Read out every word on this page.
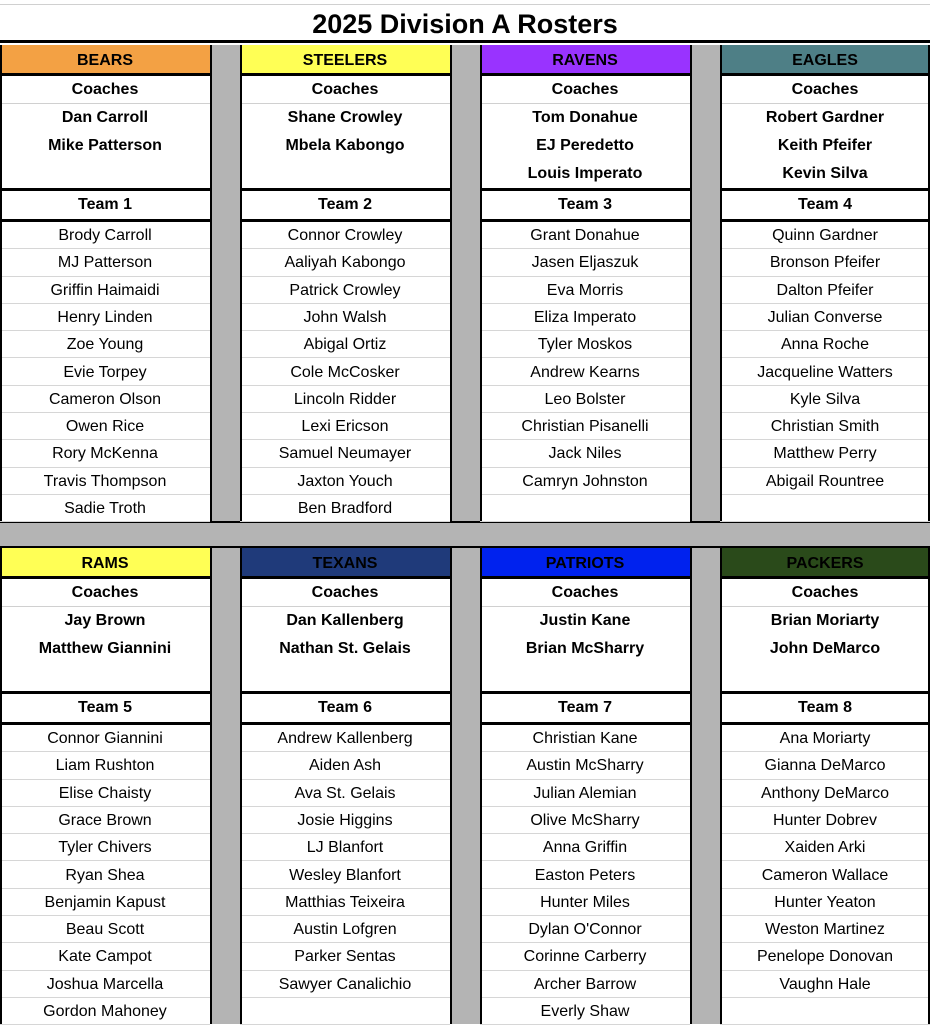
2025 Division A Rosters
BEARS
Coaches
Dan Carroll
Mike Patterson
Team 1
Brody Carroll
MJ Patterson
Griffin Haimaidi
Henry Linden
Zoe Young
Evie Torpey
Cameron Olson
Owen Rice
Rory McKenna
Travis Thompson
Sadie Troth
STEELERS
Coaches
Shane Crowley
Mbela Kabongo
Team 2
Connor Crowley
Aaliyah Kabongo
Patrick Crowley
John Walsh
Abigal Ortiz
Cole McCosker
Lincoln Ridder
Lexi Ericson
Samuel Neumayer
Jaxton Youch
Ben Bradford
RAVENS
Coaches
Tom Donahue
EJ Peredetto
Louis Imperato
Team 3
Grant Donahue
Jasen Eljaszuk
Eva Morris
Eliza Imperato
Tyler Moskos
Andrew Kearns
Leo Bolster
Christian Pisanelli
Jack Niles
Camryn Johnston
EAGLES
Coaches
Robert Gardner
Keith Pfeifer
Kevin Silva
Team 4
Quinn Gardner
Bronson Pfeifer
Dalton Pfeifer
Julian Converse
Anna Roche
Jacqueline Watters
Kyle Silva
Christian Smith
Matthew Perry
Abigail Rountree
RAMS
Coaches
Jay Brown
Matthew Giannini
Team 5
Connor Giannini
Liam Rushton
Elise Chaisty
Grace Brown
Tyler Chivers
Ryan Shea
Benjamin Kapust
Beau Scott
Kate Campot
Joshua Marcella
Gordon Mahoney
TEXANS
Coaches
Dan Kallenberg
Nathan St. Gelais
Team 6
Andrew Kallenberg
Aiden Ash
Ava St. Gelais
Josie Higgins
LJ Blanfort
Wesley Blanfort
Matthias Teixeira
Austin Lofgren
Parker Sentas
Sawyer Canalichio
PATRIOTS
Coaches
Justin Kane
Brian McSharry
Team 7
Christian Kane
Austin McSharry
Julian Alemian
Olive McSharry
Anna Griffin
Easton Peters
Hunter Miles
Dylan O'Connor
Corinne Carberry
Archer Barrow
Everly Shaw
PACKERS
Coaches
Brian Moriarty
John DeMarco
Team 8
Ana Moriarty
Gianna DeMarco
Anthony DeMarco
Hunter Dobrev
Xaiden Arki
Cameron Wallace
Hunter Yeaton
Weston Martinez
Penelope Donovan
Vaughn Hale
